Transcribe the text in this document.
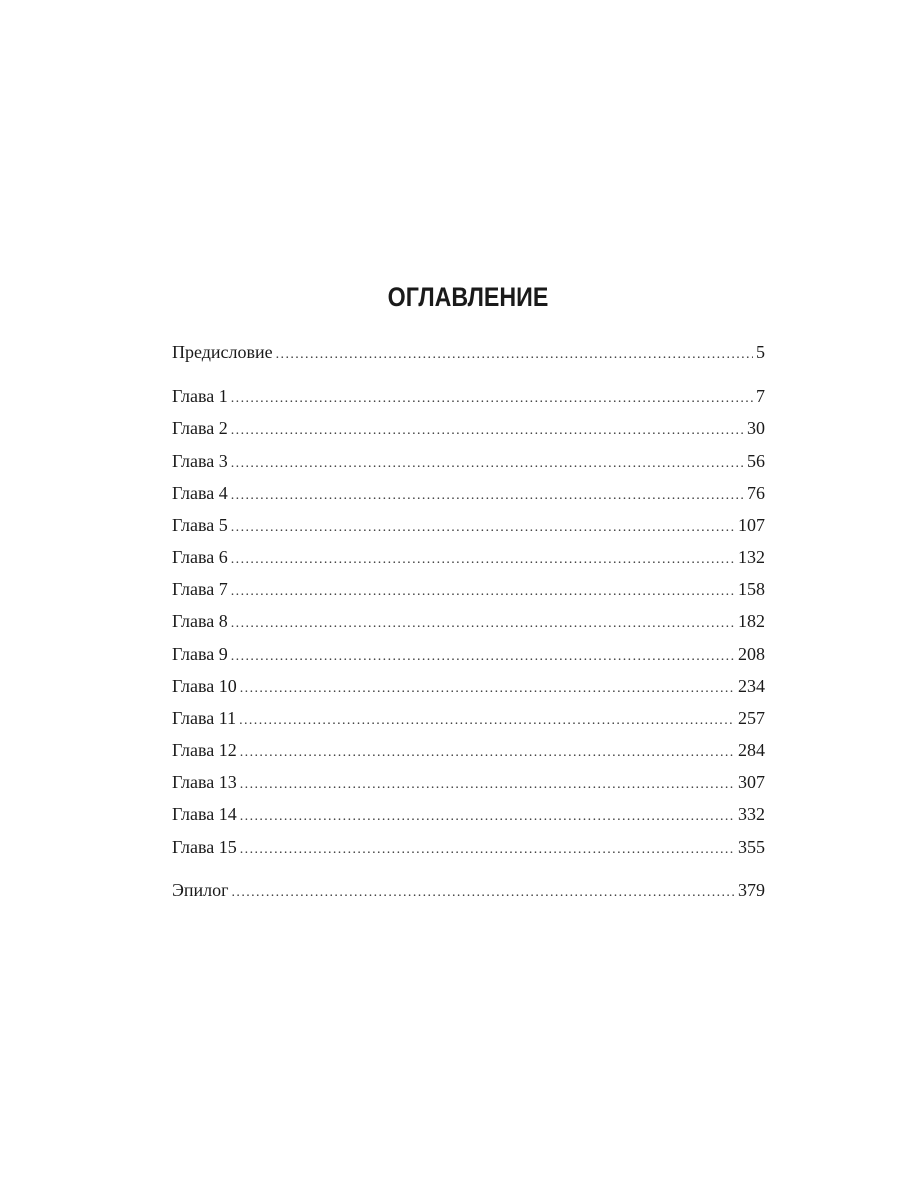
ОГЛАВЛЕНИЕ
Предисловие .....	5
Глава 1 .....	7
Глава 2 .....	30
Глава 3 .....	56
Глава 4 .....	76
Глава 5 .....	107
Глава 6 .....	132
Глава 7 .....	158
Глава 8 .....	182
Глава 9 .....	208
Глава 10 .....	234
Глава 11 .....	257
Глава 12 .....	284
Глава 13 .....	307
Глава 14 .....	332
Глава 15 .....	355
Эпилог .....	379
